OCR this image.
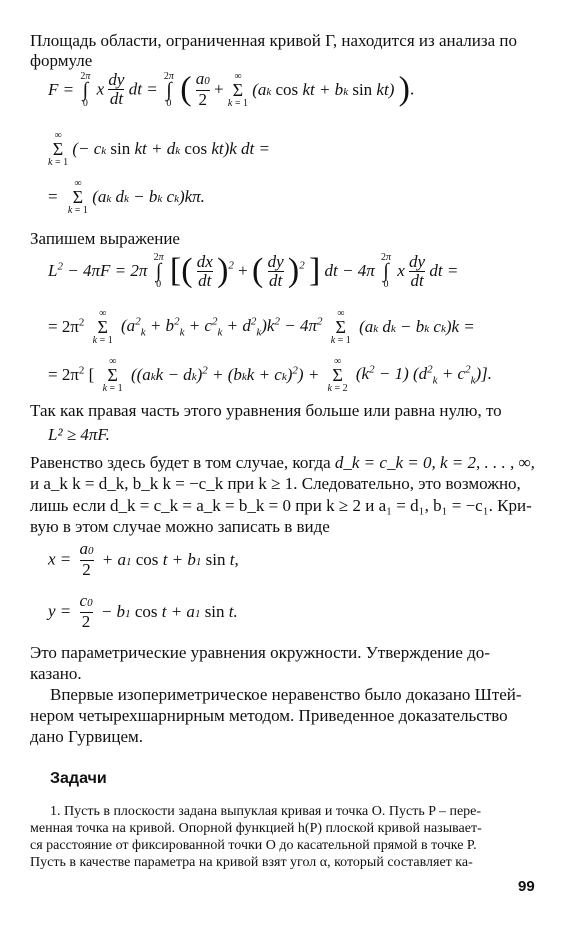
Площадь области, ограниченная кривой Γ, находится из анализа по
формуле
F =
2π
∫
0
x $\frac{dy}{dt}$ dt =
2π
∫
0 ( $\frac{a0}{2}$ +
∞
Σ
k = 1
(ak cos kt + bk sin kt) ).
∞
Σ
k = 1
(− ck sin kt + dk cos kt)k dt =
=
∞
Σ
k = 1
(ak dk − bk ck)kπ.
Запишем выражение
$L^2 - 4\pi F = 2\pi$
2π
∫
0 [( $\frac{dx}{dt} )^2$ + ( $\frac{dy}{dt} )^2$ ] dt − 4π
2π
∫
0
x $\frac{dy}{dt}$ dt =
= $2\pi^2$
∞
Σ
k = 1
$(a^2_k + b^2_k + c^2_k + d^2_k)k^2 - 4\pi^2$
∞
Σ
k = 1
(ak dk − bk ck)k =
= $2\pi^2$ [
∞
Σ
k = 1
((akk − dk)$^2$ + (bkk + ck)$^2$) +
∞
Σ
k = 2
$(k^2 - 1) (d^2_k + c^2_k)$].
Так как правая часть этого уравнения больше или равна нулю, то
L² ≥ 4πF.
Равенство здесь будет в том случае, когда d_k = c_k = 0, k = 2, . . . , ∞,
и a_k k = d_k, b_k k = −c_k при k ≥ 1. Следовательно, это возможно,
лишь если d_k = c_k = a_k = b_k = 0 при k ≥ 2 и a₁ = d₁, b₁ = −c₁. Кри-
вую в этом случае можно записать в виде
$x = \frac{a0}{2} + a1$ cos t + b1 sin t,
$y = \frac{c0}{2} - b1$ cos t + a1 sin t.
Это параметрические уравнения окружности. Утверждение до-
казано.
Впервые изопериметрическое неравенство было доказано Штей-
нером четырехшарнирным методом. Приведенное доказательство
дано Гурвицем.
Задачи
1. Пусть в плоскости задана выпуклая кривая и точка O. Пусть P – пере-
менная точка на кривой. Опорной функцией h(P) плоской кривой называет-
ся расстояние от фиксированной точки O до касательной прямой в точке P.
Пусть в качестве параметра на кривой взят угол α, который составляет ка-
99
